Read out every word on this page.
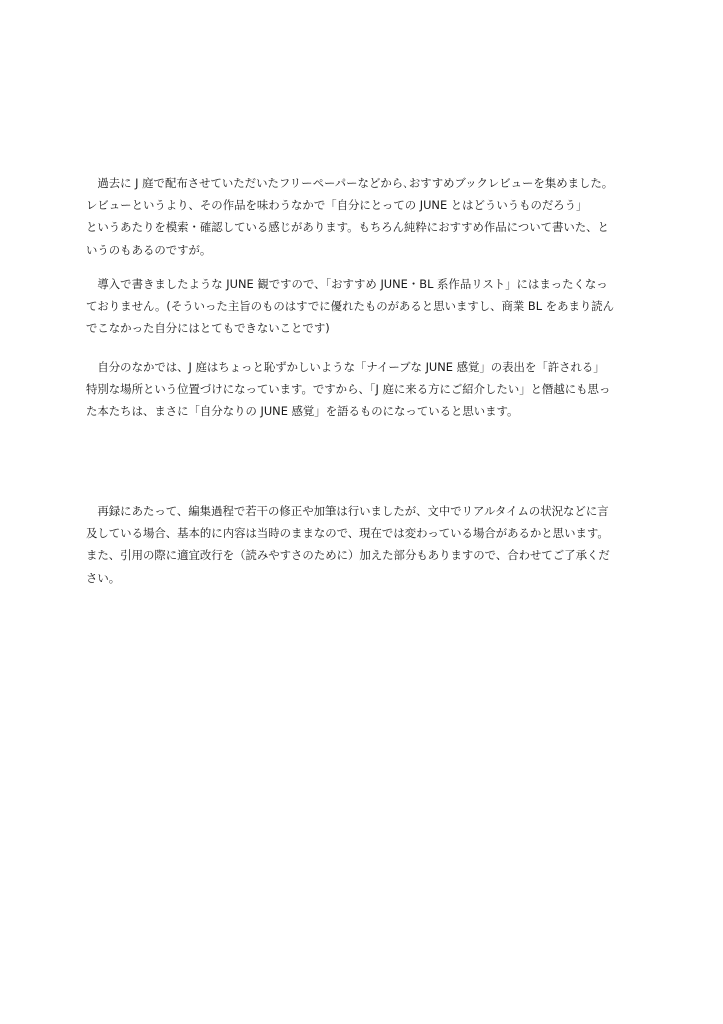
　過去に J 庭で配布させていただいたフリーペーパーなどから､おすすめブックレビューを集めました。
レビューというより、その作品を味わうなかで「自分にとっての JUNE とはどういうものだろう」
というあたりを模索・確認している感じがあります。もちろん純粋におすすめ作品について書いた、と
いうのもあるのですが。
　導入で書きましたような JUNE 観ですので、「おすすめ JUNE・BL 系作品リスト」にはまったくなっ
ておりません。(そういった主旨のものはすでに優れたものがあると思いますし、商業 BL をあまり読ん
でこなかった自分にはとてもできないことです)
　自分のなかでは、J 庭はちょっと恥ずかしいような「ナイーブな JUNE 感覚」の表出を「許される」
特別な場所という位置づけになっています。ですから、「J 庭に来る方にご紹介したい」と僭越にも思っ
た本たちは、まさに「自分なりの JUNE 感覚」を語るものになっていると思います。
　再録にあたって、編集過程で若干の修正や加筆は行いましたが、文中でリアルタイムの状況などに言
及している場合、基本的に内容は当時のままなので、現在では変わっている場合があるかと思います。
また、引用の際に適宜改行を（読みやすさのために）加えた部分もありますので、合わせてご了承くだ
さい。
